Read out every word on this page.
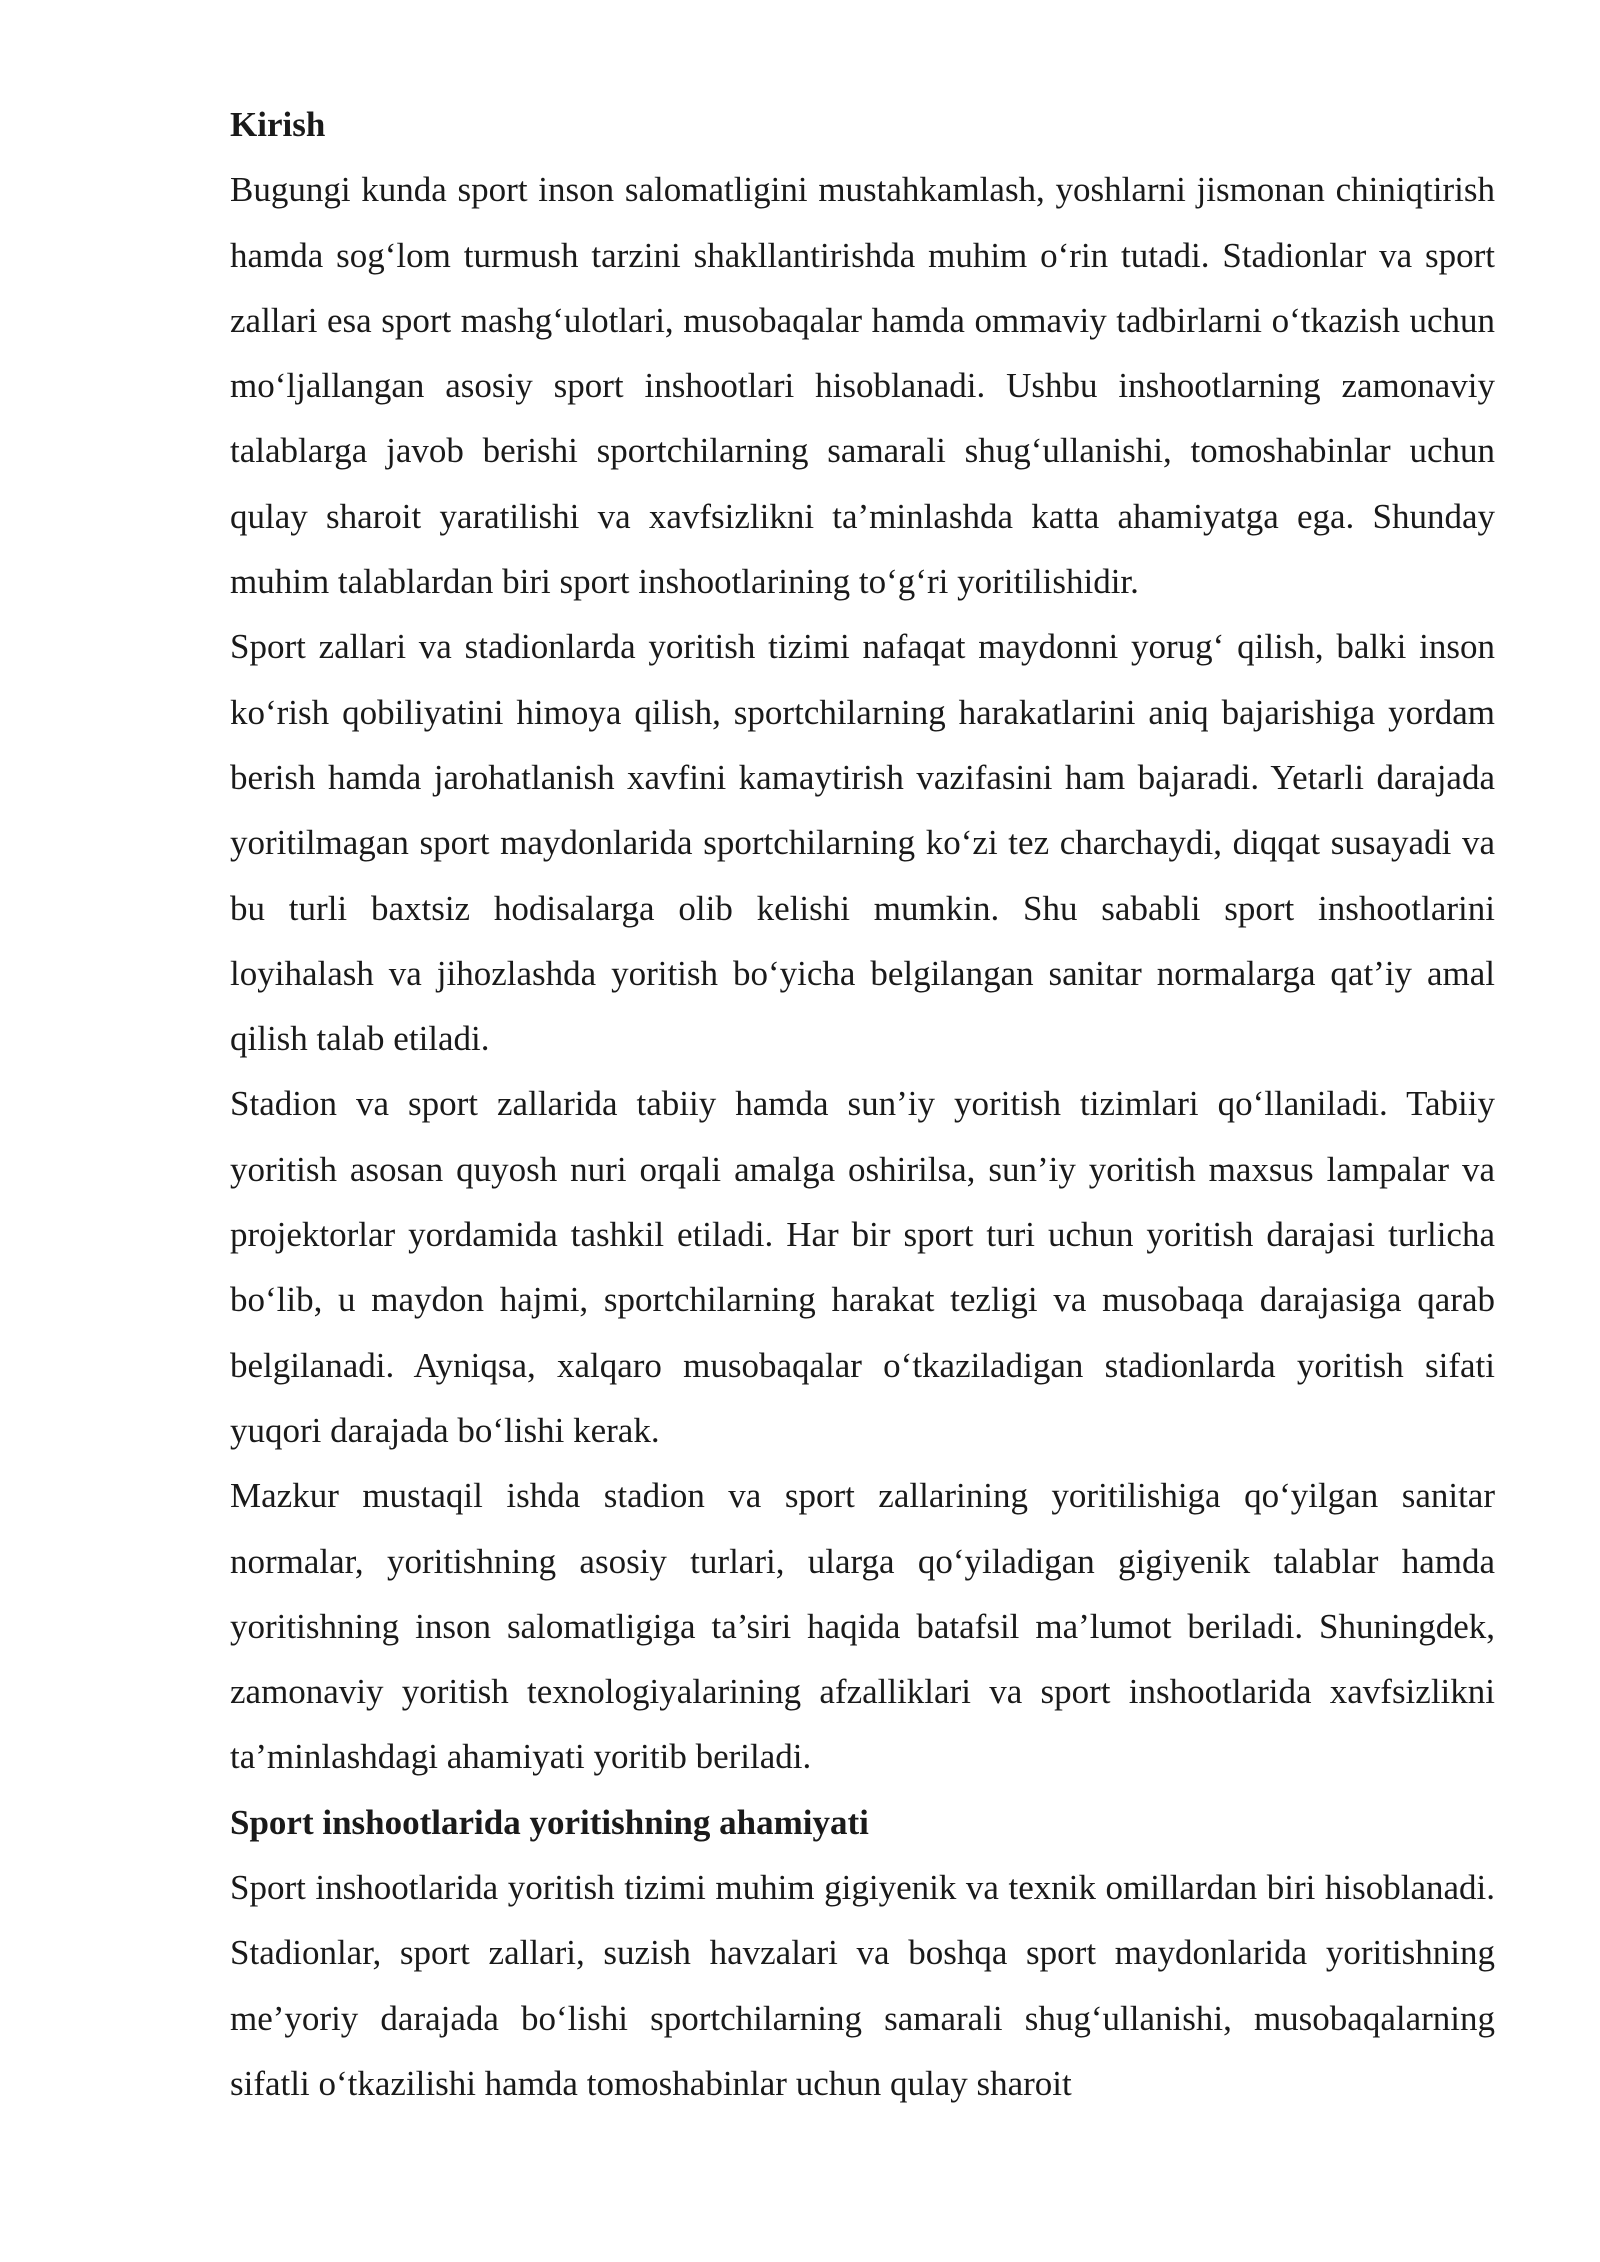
Kirish

Bugungi kunda sport inson salomatligini mustahkamlash, yoshlarni jismonan chiniqtirish hamda sog‘lom turmush tarzini shakllantirishda muhim o‘rin tutadi. Stadionlar va sport zallari esa sport mashg‘ulotlari, musobaqalar hamda ommaviy tadbirlarni o‘tkazish uchun mo‘ljallangan asosiy sport inshootlari hisoblanadi. Ushbu inshootlarning zamonaviy talablarga javob berishi sportchilarning samarali shug‘ullanishi, tomoshabinlar uchun qulay sharoit yaratilishi va xavfsizlikni ta’minlashda katta ahamiyatga ega. Shunday muhim talablardan biri sport inshootlarining to‘g‘ri yoritilishidir.

Sport zallari va stadionlarda yoritish tizimi nafaqat maydonni yorug‘ qilish, balki inson ko‘rish qobiliyatini himoya qilish, sportchilarning harakatlarini aniq bajarishiga yordam berish hamda jarohatlanish xavfini kamaytirish vazifasini ham bajaradi. Yetarli darajada yoritilmagan sport maydonlarida sportchilarning ko‘zi tez charchaydi, diqqat susayadi va bu turli baxtsiz hodisalarga olib kelishi mumkin. Shu sababli sport inshootlarini loyihalash va jihozlashda yoritish bo‘yicha belgilangan sanitar normalarga qat’iy amal qilish talab etiladi.

Stadion va sport zallarida tabiiy hamda sun’iy yoritish tizimlari qo‘llaniladi. Tabiiy yoritish asosan quyosh nuri orqali amalga oshirilsa, sun’iy yoritish maxsus lampalar va projektorlar yordamida tashkil etiladi. Har bir sport turi uchun yoritish darajasi turlicha bo‘lib, u maydon hajmi, sportchilarning harakat tezligi va musobaqa darajasiga qarab belgilanadi. Ayniqsa, xalqaro musobaqalar o‘tkaziladigan stadionlarda yoritish sifati yuqori darajada bo‘lishi kerak.

Mazkur mustaqil ishda stadion va sport zallarining yoritilishiga qo‘yilgan sanitar normalar, yoritishning asosiy turlari, ularga qo‘yiladigan gigiyenik talablar hamda yoritishning inson salomatligiga ta’siri haqida batafsil ma’lumot beriladi. Shuningdek, zamonaviy yoritish texnologiyalarining afzalliklari va sport inshootlarida xavfsizlikni ta’minlashdagi ahamiyati yoritib beriladi.

Sport inshootlarida yoritishning ahamiyati

Sport inshootlarida yoritish tizimi muhim gigiyenik va texnik omillardan biri hisoblanadi. Stadionlar, sport zallari, suzish havzalari va boshqa sport maydonlarida yoritishning me’yoriy darajada bo‘lishi sportchilarning samarali shug‘ullanishi, musobaqalarning sifatli o‘tkazilishi hamda tomoshabinlar uchun qulay sharoit
